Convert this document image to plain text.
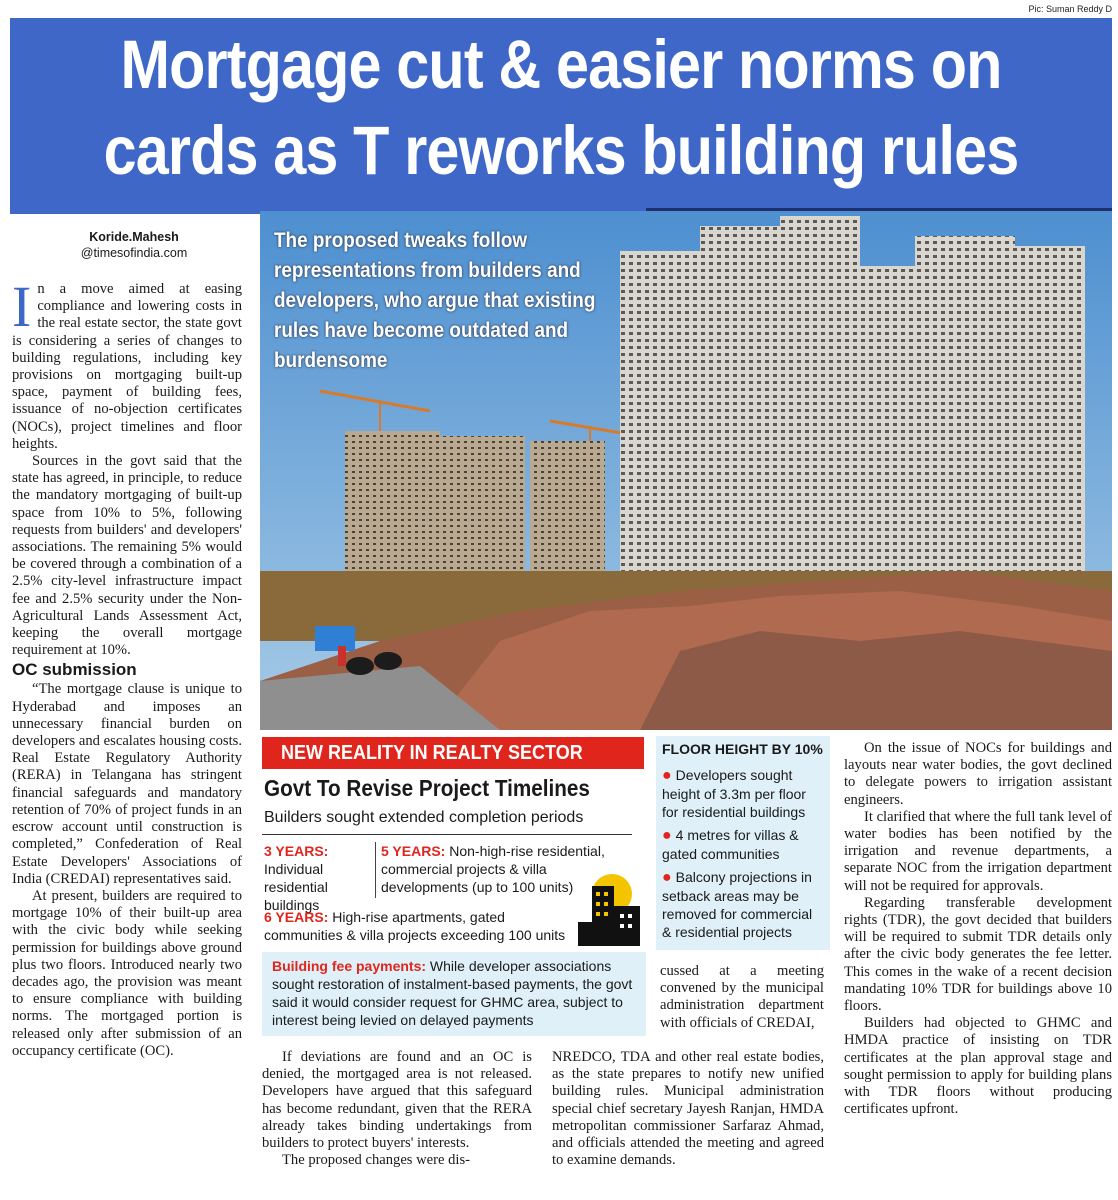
Pic: Suman Reddy D
Mortgage cut & easier norms on
cards as T reworks building rules
The proposed tweaks follow representations from builders and developers, who argue that existing rules have become outdated and burdensome
Koride.Mahesh
@timesofindia.com

In a move aimed at easing compliance and lowering costs in the real estate sector, the state govt is considering a series of changes to building regulations, including key provisions on mortgaging built-up space, payment of building fees, issuance of no-objection certificates (NOCs), project timelines and floor heights.

Sources in the govt said that the state has agreed, in principle, to reduce the mandatory mortgaging of built-up space from 10% to 5%, following requests from builders' and developers' associations. The remaining 5% would be covered through a combination of a 2.5% city-level infrastructure impact fee and 2.5% security under the Non-Agricultural Lands Assessment Act, keeping the overall mortgage requirement at 10%.

OC submission

“The mortgage clause is unique to Hyderabad and imposes an unnecessary financial burden on developers and escalates housing costs. Real Estate Regulatory Authority (RERA) in Telangana has stringent financial safeguards and mandatory retention of 70% of project funds in an escrow account until construction is completed,” Confederation of Real Estate Developers' Associations of India (CREDAI) representatives said.

At present, builders are required to mortgage 10% of their built-up area with the civic body while seeking permission for buildings above ground plus two floors. Introduced nearly two decades ago, the provision was meant to ensure compliance with building norms. The mortgaged portion is released only after submission of an occupancy certificate (OC).	If deviations are found and an OC is denied, the mortgaged area is not released. Developers have argued that this safeguard has become redundant, given that the RERA already takes binding undertakings from builders to protect buyers' interests.

The proposed changes were dis-

cussed at a meeting convened by the municipal administration department with officials of CREDAI,

NREDCO, TDA and other real estate bodies, as the state prepares to notify new unified building rules. Municipal administration special chief secretary Jayesh Ranjan, HMDA metropolitan commissioner Sarfaraz Ahmad, and officials attended the meeting and agreed to examine demands.

On the issue of NOCs for buildings and layouts near water bodies, the govt declined to delegate powers to irrigation assistant engineers.

It clarified that where the full tank level of water bodies has been notified by the irrigation and revenue departments, a separate NOC from the irrigation department will not be required for approvals.

Regarding transferable development rights (TDR), the govt decided that builders will be required to submit TDR details only after the civic body generates the fee letter. This comes in the wake of a recent decision mandating 10% TDR for buildings above 10 floors.

Builders had objected to GHMC and HMDA practice of insisting on TDR certificates at the plan approval stage and sought permission to apply for building plans with TDR floors without producing certificates upfront.

NEW REALITY IN REALTY SECTOR
Govt To Revise Project Timelines
Builders sought extended completion periods
3 YEARS: Individual residential buildings
5 YEARS: Non-high-rise residential, commercial projects & villa developments (up to 100 units)
6 YEARS: High-rise apartments, gated communities & villa projects exceeding 100 units
Building fee payments: While developer associations sought restoration of instalment-based payments, the govt said it would consider request for GHMC area, subject to interest being levied on delayed payments
FLOOR HEIGHT BY 10%
● Developers sought height of 3.3m per floor for residential buildings
● 4 metres for villas & gated communities
● Balcony projections in setback areas may be removed for commercial & residential projects
